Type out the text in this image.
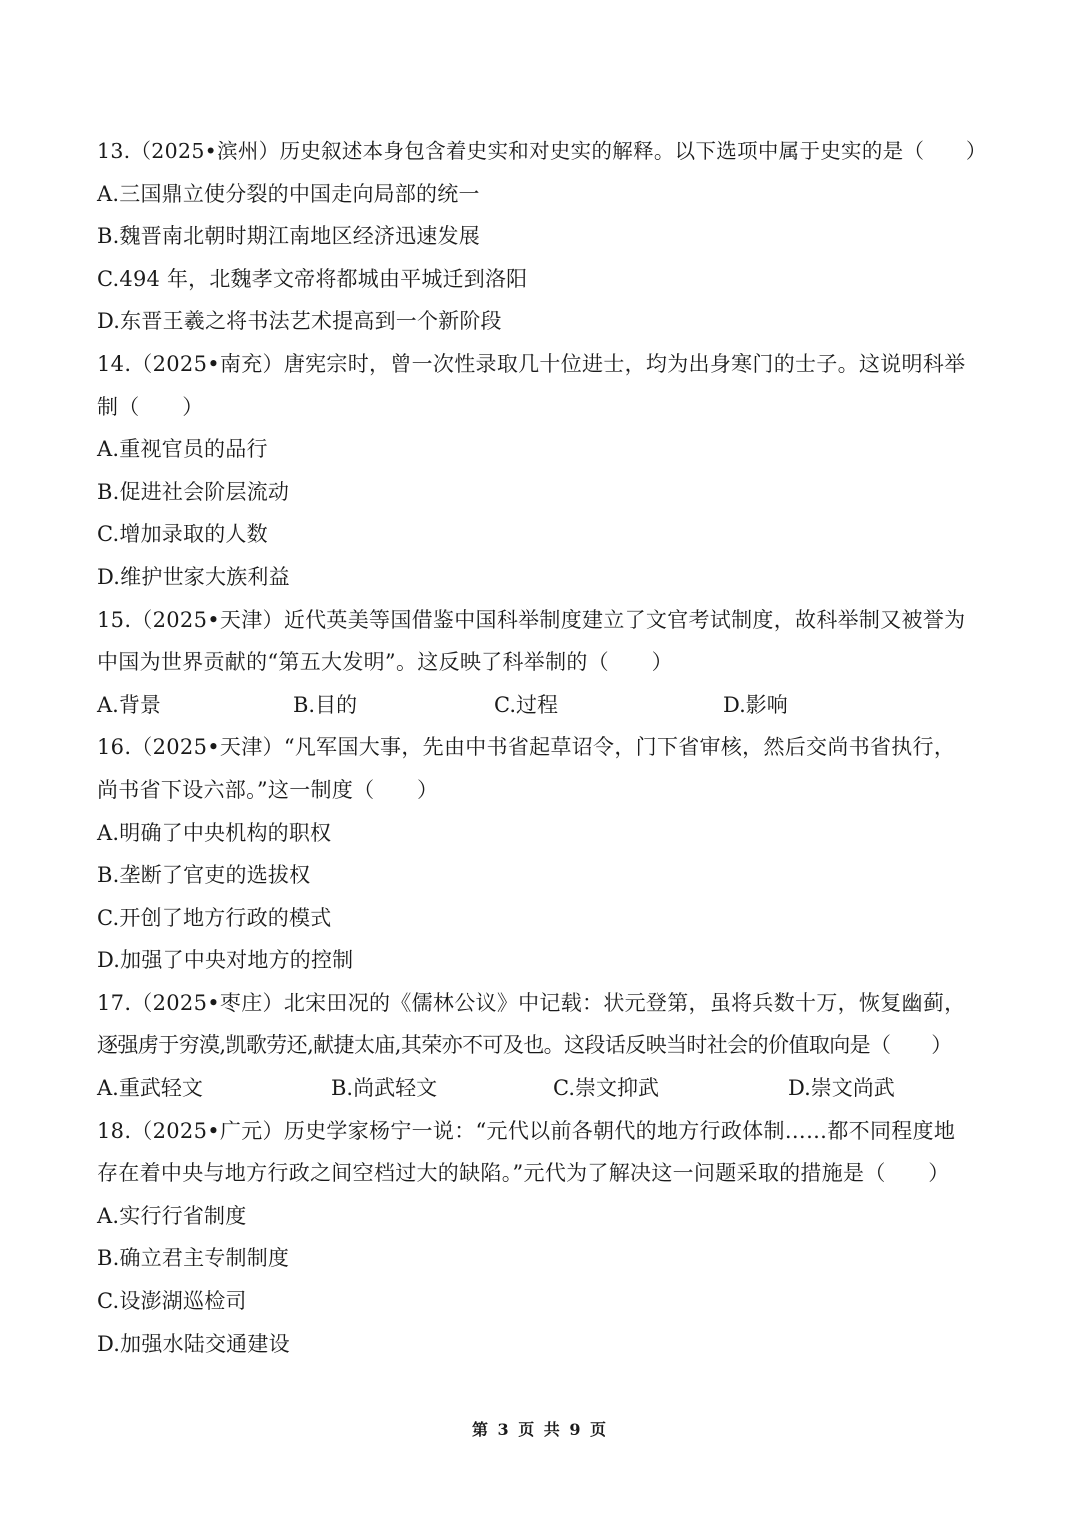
13.（2025•滨州）历史叙述本身包含着史实和对史实的解释。以下选项中属于史实的是（　　）
A.三国鼎立使分裂的中国走向局部的统一
B.魏晋南北朝时期江南地区经济迅速发展
C.494 年，北魏孝文帝将都城由平城迁到洛阳
D.东晋王羲之将书法艺术提高到一个新阶段
14.（2025•南充）唐宪宗时，曾一次性录取几十位进士，均为出身寒门的士子。这说明科举
制（　　）
A.重视官员的品行
B.促进社会阶层流动
C.增加录取的人数
D.维护世家大族利益
15.（2025•天津）近代英美等国借鉴中国科举制度建立了文官考试制度，故科举制又被誉为
中国为世界贡献的“第五大发明”。这反映了科举制的（　　）
A.背景	B.目的	C.过程	D.影响
16.（2025•天津）“凡军国大事，先由中书省起草诏令，门下省审核，然后交尚书省执行，
尚书省下设六部。”这一制度（　　）
A.明确了中央机构的职权
B.垄断了官吏的选拔权
C.开创了地方行政的模式
D.加强了中央对地方的控制
17.（2025•枣庄）北宋田况的《儒林公议》中记载：状元登第，虽将兵数十万，恢复幽蓟，
逐强虏于穷漠,凯歌劳还,献捷太庙,其荣亦不可及也。这段话反映当时社会的价值取向是（　　）
A.重武轻文	B.尚武轻文	C.崇文抑武	D.崇文尚武
18.（2025•广元）历史学家杨宁一说：“元代以前各朝代的地方行政体制……都不同程度地
存在着中央与地方行政之间空档过大的缺陷。”元代为了解决这一问题采取的措施是（　　）
A.实行行省制度
B.确立君主专制制度
C.设澎湖巡检司
D.加强水陆交通建设
第 3 页 共 9 页
